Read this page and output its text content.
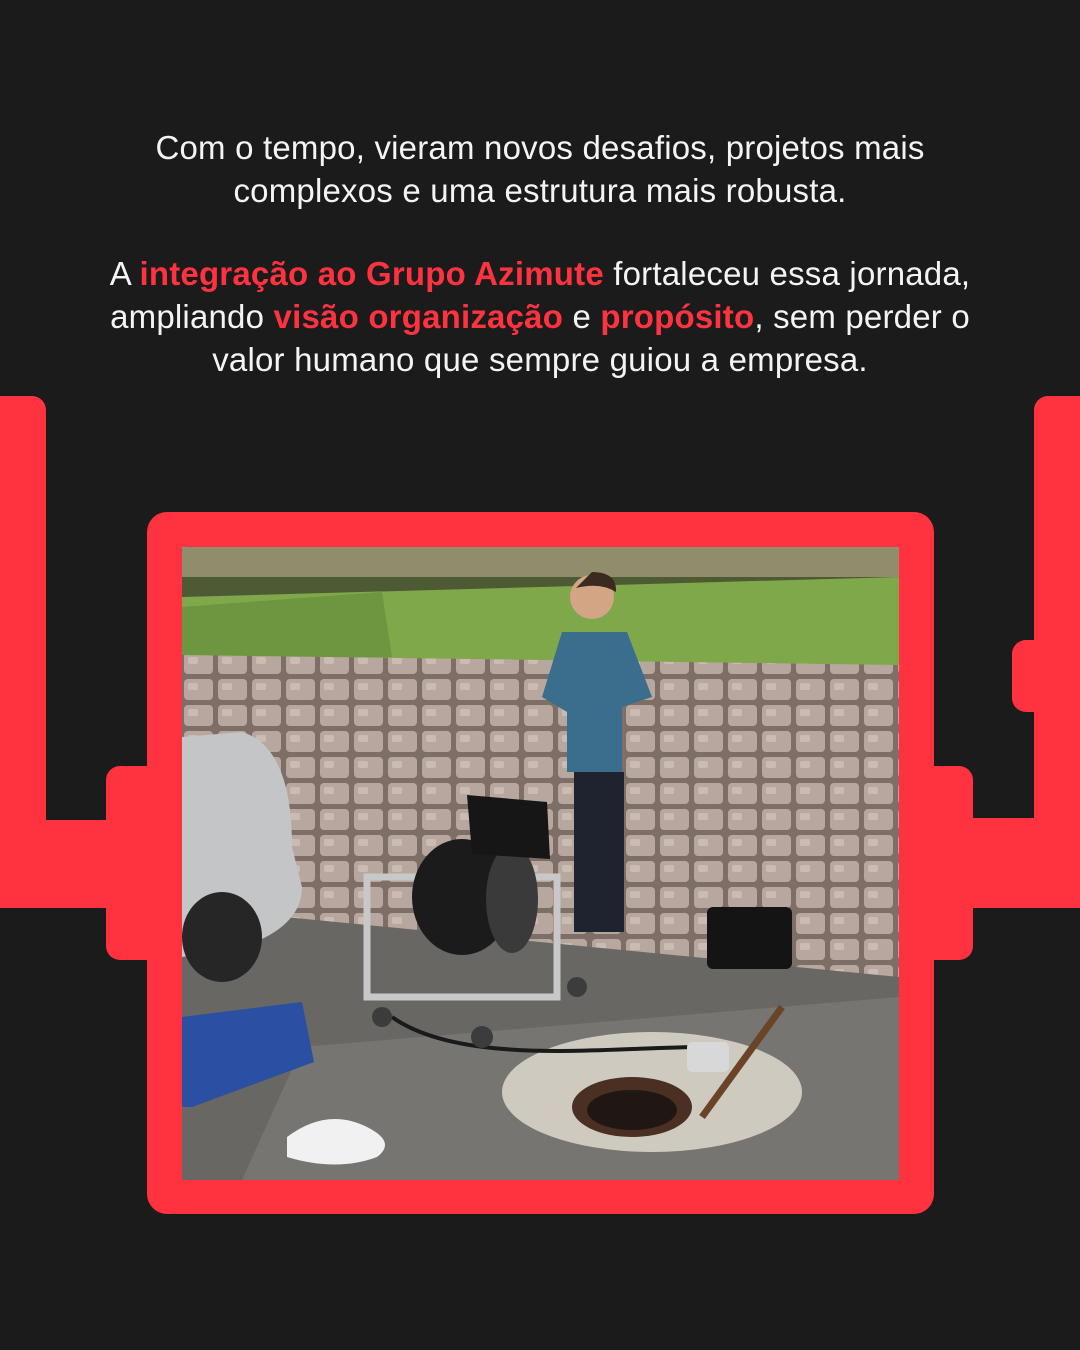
Com o tempo, vieram novos desafios, projetos mais complexos e uma estrutura mais robusta.

A integração ao Grupo Azimute fortaleceu essa jornada, ampliando visão organização e propósito, sem perder o valor humano que sempre guiou a empresa.
